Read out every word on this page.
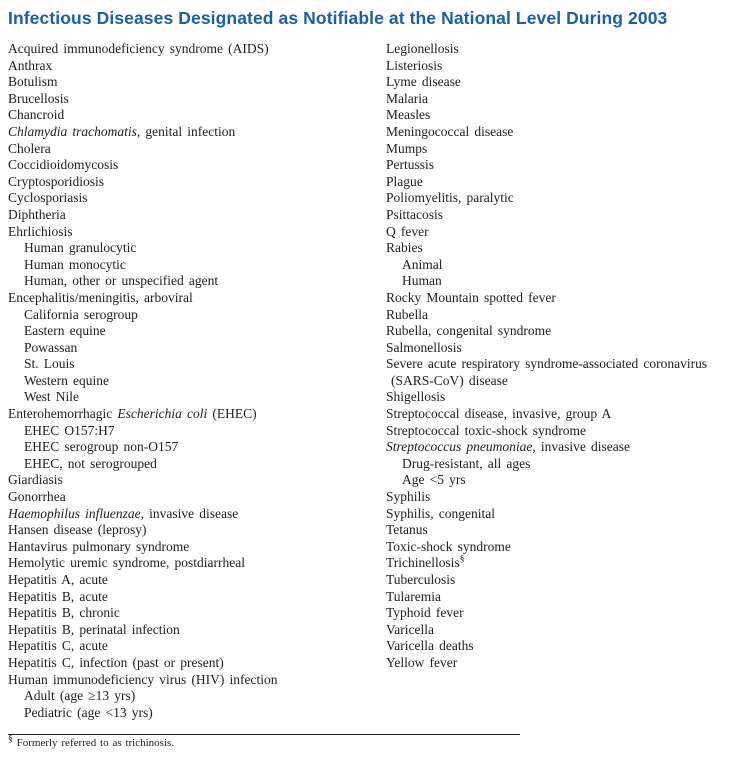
Infectious Diseases Designated as Notifiable at the National Level During 2003
Acquired immunodeficiency syndrome (AIDS)
Anthrax
Botulism
Brucellosis
Chancroid
Chlamydia trachomatis, genital infection
Cholera
Coccidioidomycosis
Cryptosporidiosis
Cyclosporiasis
Diphtheria
Ehrlichiosis
Human granulocytic
Human monocytic
Human, other or unspecified agent
Encephalitis/meningitis, arboviral
California serogroup
Eastern equine
Powassan
St. Louis
Western equine
West Nile
Enterohemorrhagic Escherichia coli (EHEC)
EHEC O157:H7
EHEC serogroup non-O157
EHEC, not serogrouped
Giardiasis
Gonorrhea
Haemophilus influenzae, invasive disease
Hansen disease (leprosy)
Hantavirus pulmonary syndrome
Hemolytic uremic syndrome, postdiarrheal
Hepatitis A, acute
Hepatitis B, acute
Hepatitis B, chronic
Hepatitis B, perinatal infection
Hepatitis C, acute
Hepatitis C, infection (past or present)
Human immunodeficiency virus (HIV) infection
Adult (age ≥13 yrs)
Pediatric (age <13 yrs)
Legionellosis
Listeriosis
Lyme disease
Malaria
Measles
Meningococcal disease
Mumps
Pertussis
Plague
Poliomyelitis, paralytic
Psittacosis
Q fever
Rabies
Animal
Human
Rocky Mountain spotted fever
Rubella
Rubella, congenital syndrome
Salmonellosis
Severe acute respiratory syndrome-associated coronavirus
(SARS-CoV) disease
Shigellosis
Streptococcal disease, invasive, group A
Streptococcal toxic-shock syndrome
Streptococcus pneumoniae, invasive disease
Drug-resistant, all ages
Age <5 yrs
Syphilis
Syphilis, congenital
Tetanus
Toxic-shock syndrome
Trichinellosis§
Tuberculosis
Tularemia
Typhoid fever
Varicella
Varicella deaths
Yellow fever
§ Formerly referred to as trichinosis.
